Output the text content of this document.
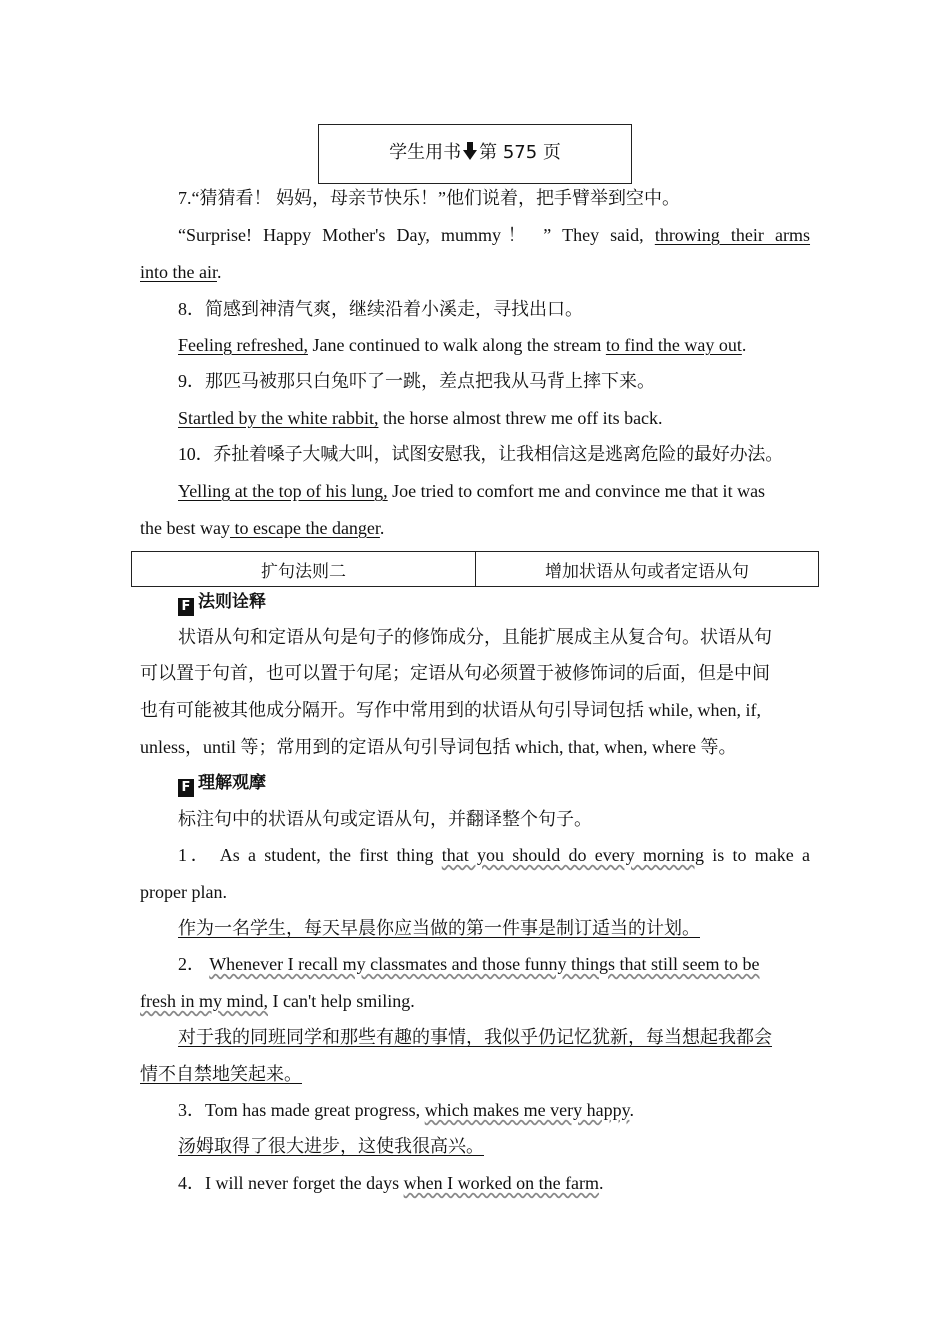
学生用书 第 575 页
7.“猜猜看！ 妈妈，母亲节快乐！”他们说着，把手臂举到空中。
“Surprise! Happy Mother's Day, mummy！ ” They said, throwing their arms
into the air.
8．简感到神清气爽，继续沿着小溪走，寻找出口。
Feeling refreshed, Jane continued to walk along the stream to find the way out.
9．那匹马被那只白兔吓了一跳，差点把我从马背上摔下来。
Startled by the white rabbit, the horse almost threw me off its back.
10．乔扯着嗓子大喊大叫，试图安慰我，让我相信这是逃离危险的最好办法。
Yelling at the top of his lung, Joe tried to comfort me and convince me that it was
the best way to escape the danger.
扩句法则二	增加状语从句或者定语从句
F 法则诠释
状语从句和定语从句是句子的修饰成分，且能扩展成主从复合句。状语从句
可以置于句首，也可以置于句尾；定语从句必须置于被修饰词的后面，但是中间
也有可能被其他成分隔开。写作中常用到的状语从句引导词包括 while, when, if,
unless，until 等；常用到的定语从句引导词包括 which, that, when, where 等。
F 理解观摩
标注句中的状语从句或定语从句，并翻译整个句子。
1． As a student, the first thing that you should do every morning is to make a
proper plan.
作为一名学生，每天早晨你应当做的第一件事是制订适当的计划。
2． Whenever I recall my classmates and those funny things that still seem to be
fresh in my mind, I can't help smiling.
对于我的同班同学和那些有趣的事情，我似乎仍记忆犹新，每当想起我都会
情不自禁地笑起来。
3．Tom has made great progress, which makes me very happy.
汤姆取得了很大进步，这使我很高兴。
4．I will never forget the days when I worked on the farm.
